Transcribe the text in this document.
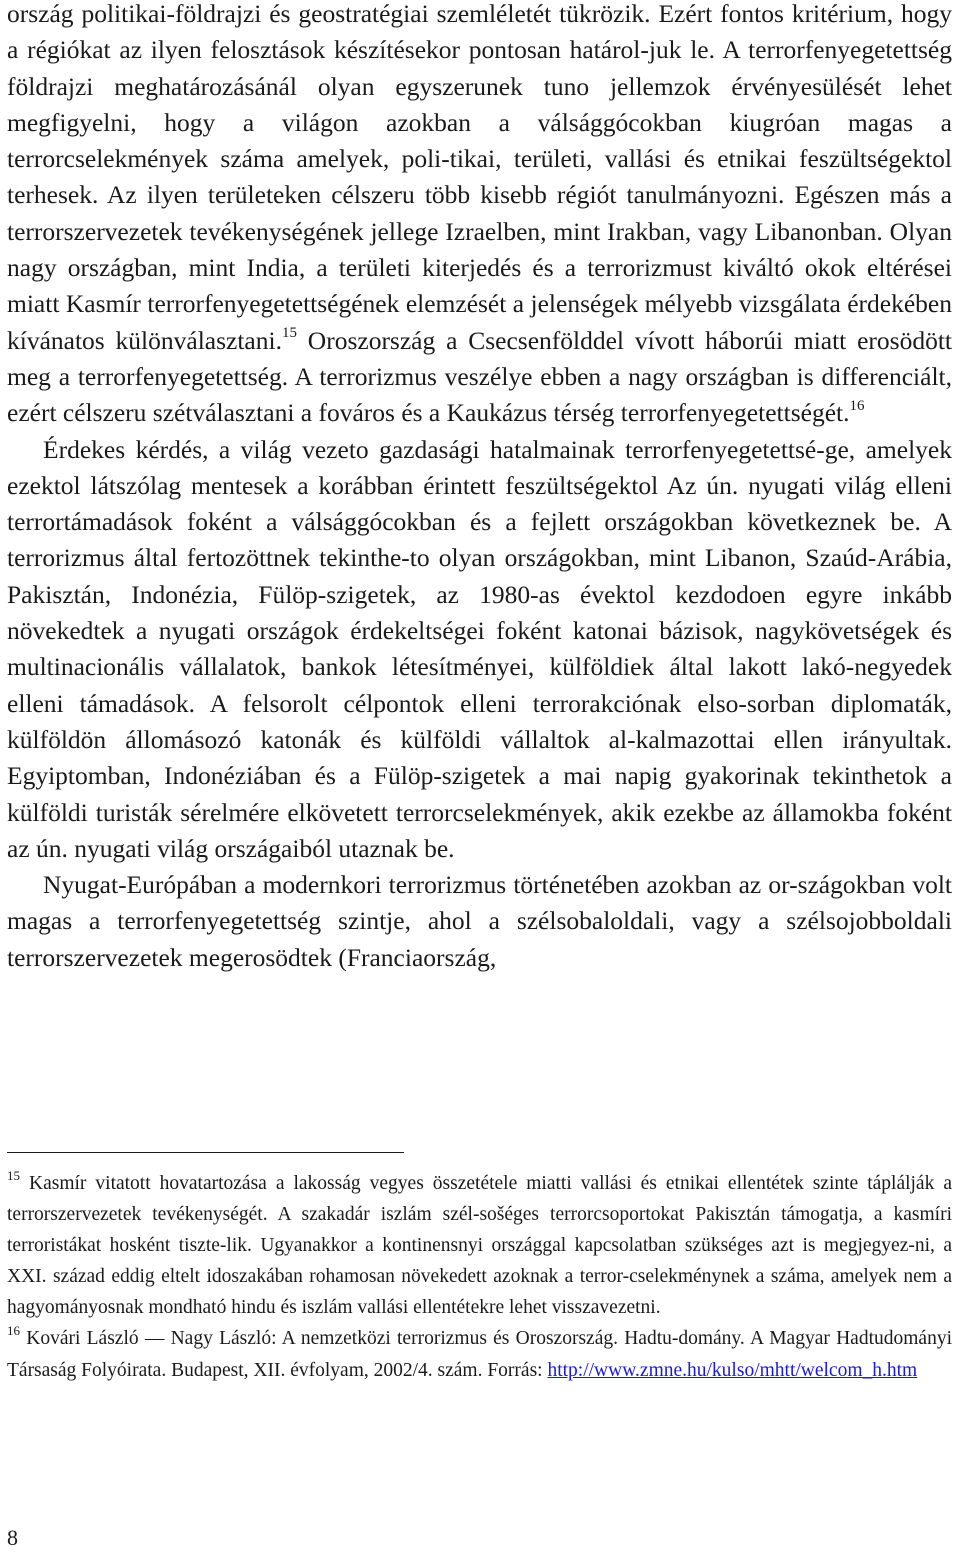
ország politikai-földrajzi és geostratégiai szemléletét tükrözik. Ezért fontos kritérium, hogy a régiókat az ilyen felosztások készítésekor pontosan határol-juk le. A terrorfenyegetettség földrajzi meghatározásánál olyan egyszerunek tuno jellemzok érvényesülését lehet megfigyelni, hogy a világon azokban a válsággócokban kiugróan magas a terrorcselekmények száma amelyek, poli-tikai, területi, vallási és etnikai feszültségektol terhesek. Az ilyen területeken célszeru több kisebb régiót tanulmányozni. Egészen más a terrorszervezetek tevékenységének jellege Izraelben, mint Irakban, vagy Libanonban. Olyan nagy országban, mint India, a területi kiterjedés és a terrorizmust kiváltó okok eltérései miatt Kasmír terrorfenyegetettségének elemzését a jelenségek mélyebb vizsgálata érdekében kívánatos különválasztani.$^{15}$ Oroszország a Csecsenfölddel vívott háborúi miatt erosödött meg a terrorfenyegetettség. A terrorizmus veszélye ebben a nagy országban is differenciált, ezért célszeru szétválasztani a fováros és a Kaukázus térség terrorfenyegetettségét.$^{16}$

Érdekes kérdés, a világ vezeto gazdasági hatalmainak terrorfenyegetettsé-ge, amelyek ezektol látszólag mentesek a korábban érintett feszültségektol Az ún. nyugati világ elleni terrortámadások foként a válsággócokban és a fejlett országokban következnek be. A terrorizmus által fertozöttnek tekinthe-to olyan országokban, mint Libanon, Szaúd-Arábia, Pakisztán, Indonézia, Fülöp-szigetek, az 1980-as évektol kezdodoen egyre inkább növekedtek a nyugati országok érdekeltségei foként katonai bázisok, nagykövetségek és multinacionális vállalatok, bankok létesítményei, külföldiek által lakott lakó-negyedek elleni támadások. A felsorolt célpontok elleni terrorakciónak elso-sorban diplomaták, külföldön állomásozó katonák és külföldi vállaltok al-kalmazottai ellen irányultak. Egyiptomban, Indonéziában és a Fülöp-szigetek a mai napig gyakorinak tekinthetok a külföldi turisták sérelmére elkövetett terrorcselekmények, akik ezekbe az államokba foként az ún. nyugati világ országaiból utaznak be.

Nyugat-Európában a modernkori terrorizmus történetében azokban az or-szágokban volt magas a terrorfenyegetettség szintje, ahol a szélsobaloldali, vagy a szélsojobboldali terrorszervezetek megerosödtek (Franciaország,

$^{15}$ Kasmír vitatott hovatartozása a lakosság vegyes összetétele miatti vallási és etnikai ellentétek szinte táplálják a terrorszervezetek tevékenységét. A szakadár iszlám szél-sošéges terrorcsoportokat Pakisztán támogatja, a kasmíri terroristákat hosként tiszte-lik. Ugyanakkor a kontinensnyi országgal kapcsolatban szükséges azt is megjegyez-ni, a XXI. század eddig eltelt idoszakában rohamosan növekedett azoknak a terror-cselekménynek a száma, amelyek nem a hagyományosnak mondható hindu és iszlám vallási ellentétekre lehet visszavezetni.

$^{16}$ Kovári László — Nagy László: A nemzetközi terrorizmus és Oroszország. Hadtu-domány. A Magyar Hadtudományi Társaság Folyóirata. Budapest, XII. évfolyam, 2002/4. szám. Forrás: http://www.zmne.hu/kulso/mhtt/welcom_h.htm

8
